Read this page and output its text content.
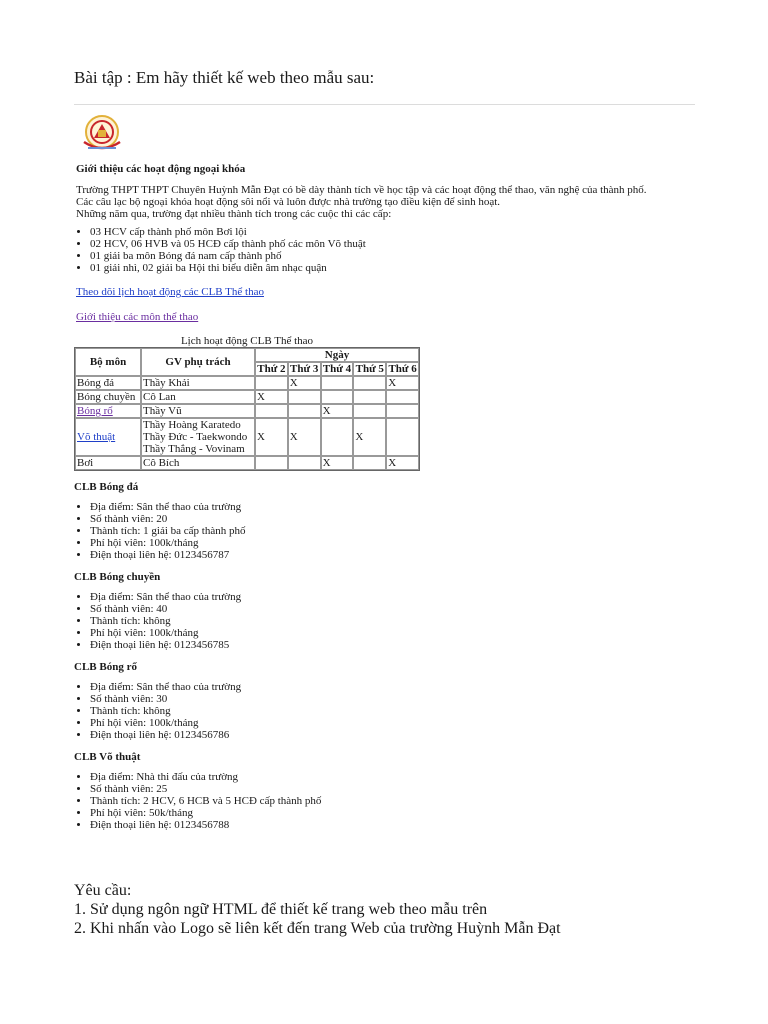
Bài tập : Em hãy thiết kế web theo mẫu sau:
Giới thiệu các hoạt động ngoại khóa

Trường THPT THPT Chuyên Huỳnh Mẫn Đạt có bề dày thành tích về học tập và các hoạt động thể thao, văn nghệ của thành phố.

Các câu lạc bộ ngoại khóa hoạt động sôi nổi và luôn được nhà trường tạo điều kiện để sinh hoạt.

Những năm qua, trường đạt nhiều thành tích trong các cuộc thi các cấp:

• 03 HCV cấp thành phố môn Bơi lội
• 02 HCV, 06 HVB và 05 HCĐ cấp thành phố các môn Võ thuật
• 01 giải ba môn Bóng đá nam cấp thành phố
• 01 giải nhì, 02 giải ba Hội thi biểu diễn âm nhạc quận
Theo dõi lịch hoạt động các CLB Thể thao
Giới thiệu các môn thể thao
Lịch hoạt động CLB Thể thao
Bộ môn	GV phụ trách	Ngày				
		Thứ 2	Thứ 3	Thứ 4	Thứ 5	Thứ 6
Bóng đá	Thầy Khải		X			X
Bóng chuyền	Cô Lan	X				
Bóng rổ	Thầy Vũ			X		
Võ thuật	Thầy Hoàng Karatedo
Thầy Đức - Taekwondo
Thầy Thắng - Vovinam	X	X		X	
Bơi	Cô Bích			X		X
CLB Bóng đá
• Địa điểm: Sân thể thao của trường
• Số thành viên: 20
• Thành tích: 1 giải ba cấp thành phố
• Phí hội viên: 100k/tháng
• Điện thoại liên hệ: 0123456787
CLB Bóng chuyền
• Địa điểm: Sân thể thao của trường
• Số thành viên: 40
• Thành tích: không
• Phí hội viên: 100k/tháng
• Điện thoại liên hệ: 0123456785
CLB Bóng rổ
• Địa điểm: Sân thể thao của trường
• Số thành viên: 30
• Thành tích: không
• Phí hội viên: 100k/tháng
• Điện thoại liên hệ: 0123456786
CLB Võ thuật
• Địa điểm: Nhà thi đấu của trường
• Số thành viên: 25
• Thành tích: 2 HCV, 6 HCB và 5 HCĐ cấp thành phố
• Phí hội viên: 50k/tháng
• Điện thoại liên hệ: 0123456788
Yêu cầu:
1. Sử dụng ngôn ngữ HTML để thiết kế trang web theo mẫu trên
2. Khi nhấn vào Logo sẽ liên kết đến trang Web của trường Huỳnh Mẫn Đạt
